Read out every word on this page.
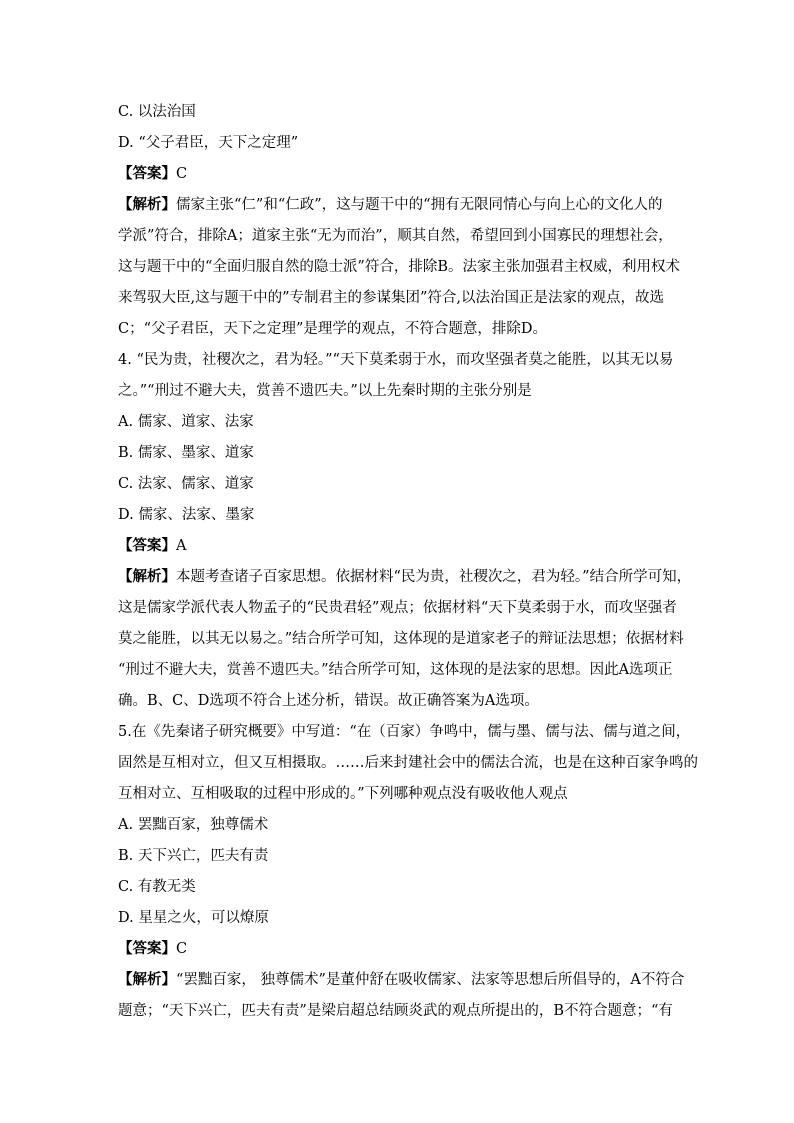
C. 以法治国
D. “父子君臣，天下之定理”
【答案】C
【解析】儒家主张“仁”和“仁政”，这与题干中的“拥有无限同情心与向上心的文化人的
学派”符合，排除A；道家主张“无为而治”，顺其自然，希望回到小国寡民的理想社会，
这与题干中的“全面归服自然的隐士派”符合，排除B。法家主张加强君主权威，利用权术
来驾驭大臣,这与题干中的”专制君主的参谋集团”符合,以法治国正是法家的观点，故选
C；“父子君臣，天下之定理”是理学的观点，不符合题意，排除D。
4. “民为贵，社稷次之，君为轻。”“天下莫柔弱于水，而攻坚强者莫之能胜，以其无以易
之。”“刑过不避大夫，赏善不遗匹夫。”以上先秦时期的主张分别是
A. 儒家、道家、法家
B. 儒家、墨家、道家
C. 法家、儒家、道家
D. 儒家、法家、墨家
【答案】A
【解析】本题考查诸子百家思想。依据材料“民为贵，社稷次之，君为轻。”结合所学可知，
这是儒家学派代表人物孟子的“民贵君轻”观点；依据材料“天下莫柔弱于水，而攻坚强者
莫之能胜，以其无以易之。”结合所学可知，这体现的是道家老子的辩证法思想；依据材料
“刑过不避大夫，赏善不遗匹夫。”结合所学可知，这体现的是法家的思想。因此A选项正
确。B、C、D选项不符合上述分析，错误。故正确答案为A选项。
5.在《先秦诸子研究概要》中写道：“在（百家）争鸣中，儒与墨、儒与法、儒与道之间，
固然是互相对立，但又互相摄取。……后来封建社会中的儒法合流，也是在这种百家争鸣的
互相对立、互相吸取的过程中形成的。”下列哪种观点没有吸收他人观点
A. 罢黜百家，独尊儒术
B. 天下兴亡，匹夫有责
C. 有教无类
D. 星星之火，可以燎原
【答案】C
【解析】“罢黜百家， 独尊儒术”是董仲舒在吸收儒家、法家等思想后所倡导的，A不符合
题意；“天下兴亡，匹夫有责”是梁启超总结顾炎武的观点所提出的，B不符合题意；“有
